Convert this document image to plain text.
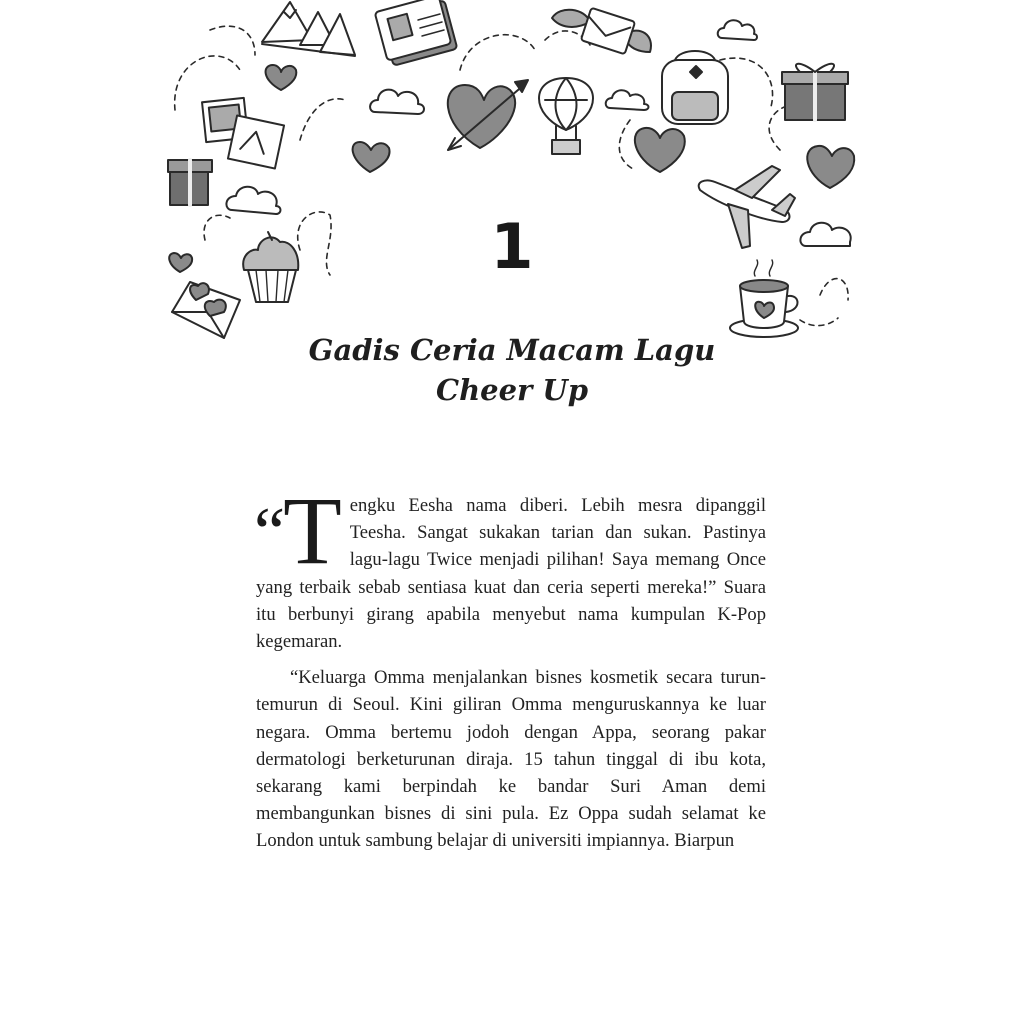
1
Gadis Ceria Macam Lagu
Cheer Up

“T engku Eesha nama diberi. Lebih mesra dipanggil Teesha. Sangat sukakan tarian dan sukan. Pastinya lagu-lagu Twice menjadi pilihan! Saya memang Once yang terbaik sebab sentiasa kuat dan ceria seperti mereka!” Suara itu berbunyi girang apabila menyebut nama kumpulan K-Pop kegemaran.

“Keluarga Omma menjalankan bisnes kosmetik secara turun-temurun di Seoul. Kini giliran Omma menguruskannya ke luar negara. Omma bertemu jodoh dengan Appa, seorang pakar dermatologi berketurunan diraja. 15 tahun tinggal di ibu kota, sekarang kami berpindah ke bandar Suri Aman demi membangunkan bisnes di sini pula. Ez Oppa sudah selamat ke London untuk sambung belajar di universiti impiannya. Biarpun
